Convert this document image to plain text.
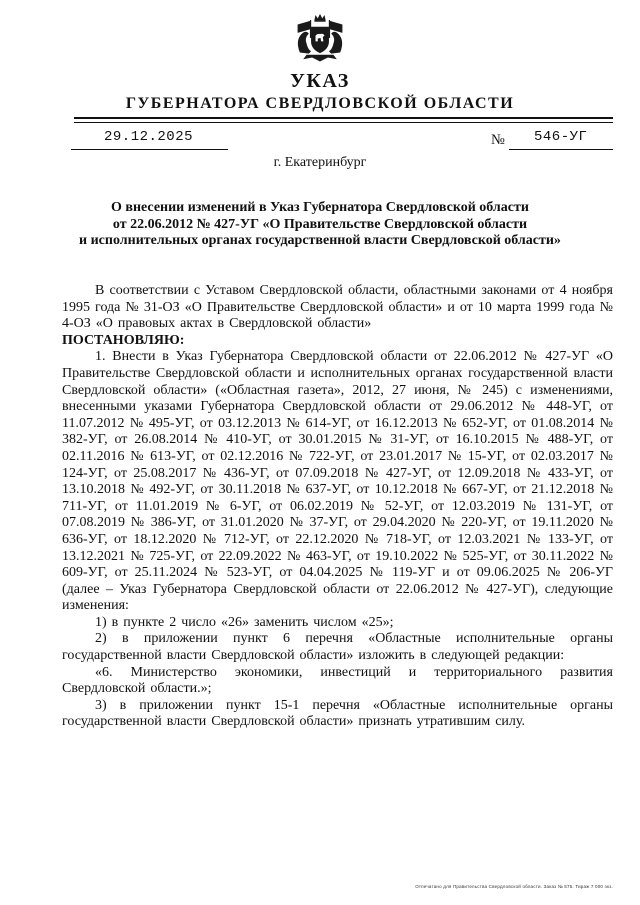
УКАЗ
ГУБЕРНАТОРА СВЕРДЛОВСКОЙ ОБЛАСТИ
29.12.2025	№ 546-УГ
г. Екатеринбург
О внесении изменений в Указ Губернатора Свердловской области
от 22.06.2012 № 427-УГ «О Правительстве Свердловской области
и исполнительных органах государственной власти Свердловской области»

В соответствии с Уставом Свердловской области, областными законами от 4 ноября 1995 года № 31-ОЗ «О Правительстве Свердловской области» и от 10 марта 1999 года № 4-ОЗ «О правовых актах в Свердловской области»

ПОСТАНОВЛЯЮ:

1. Внести в Указ Губернатора Свердловской области от 22.06.2012 № 427-УГ «О Правительстве Свердловской области и исполнительных органах государственной власти Свердловской области» («Областная газета», 2012, 27 июня, № 245) с изменениями, внесенными указами Губернатора Свердловской области от 29.06.2012 № 448-УГ, от 11.07.2012 № 495-УГ, от 03.12.2013 № 614-УГ, от 16.12.2013 № 652-УГ, от 01.08.2014 № 382-УГ, от 26.08.2014 № 410-УГ, от 30.01.2015 № 31-УГ, от 16.10.2015 № 488-УГ, от 02.11.2016 № 613-УГ, от 02.12.2016 № 722-УГ, от 23.01.2017 № 15-УГ, от 02.03.2017 № 124-УГ, от 25.08.2017 № 436-УГ, от 07.09.2018 № 427-УГ, от 12.09.2018 № 433-УГ, от 13.10.2018 № 492-УГ, от 30.11.2018 № 637-УГ, от 10.12.2018 № 667-УГ, от 21.12.2018 № 711-УГ, от 11.01.2019 № 6-УГ, от 06.02.2019 № 52-УГ, от 12.03.2019 № 131-УГ, от 07.08.2019 № 386-УГ, от 31.01.2020 № 37-УГ, от 29.04.2020 № 220-УГ, от 19.11.2020 № 636-УГ, от 18.12.2020 № 712-УГ, от 22.12.2020 № 718-УГ, от 12.03.2021 № 133-УГ, от 13.12.2021 № 725-УГ, от 22.09.2022 № 463-УГ, от 19.10.2022 № 525-УГ, от 30.11.2022 № 609-УГ, от 25.11.2024 № 523-УГ, от 04.04.2025 № 119-УГ и от 09.06.2025 № 206-УГ (далее – Указ Губернатора Свердловской области от 22.06.2012 № 427-УГ), следующие изменения:

1) в пункте 2 число «26» заменить числом «25»;

2) в приложении пункт 6 перечня «Областные исполнительные органы государственной власти Свердловской области» изложить в следующей редакции:

«6. Министерство экономики, инвестиций и территориального развития Свердловской области.»;

3) в приложении пункт 15-1 перечня «Областные исполнительные органы государственной власти Свердловской области» признать утратившим силу.

Отпечатано для Правительства Свердловской области. Заказ № 575. Тираж 7 000 экз.
